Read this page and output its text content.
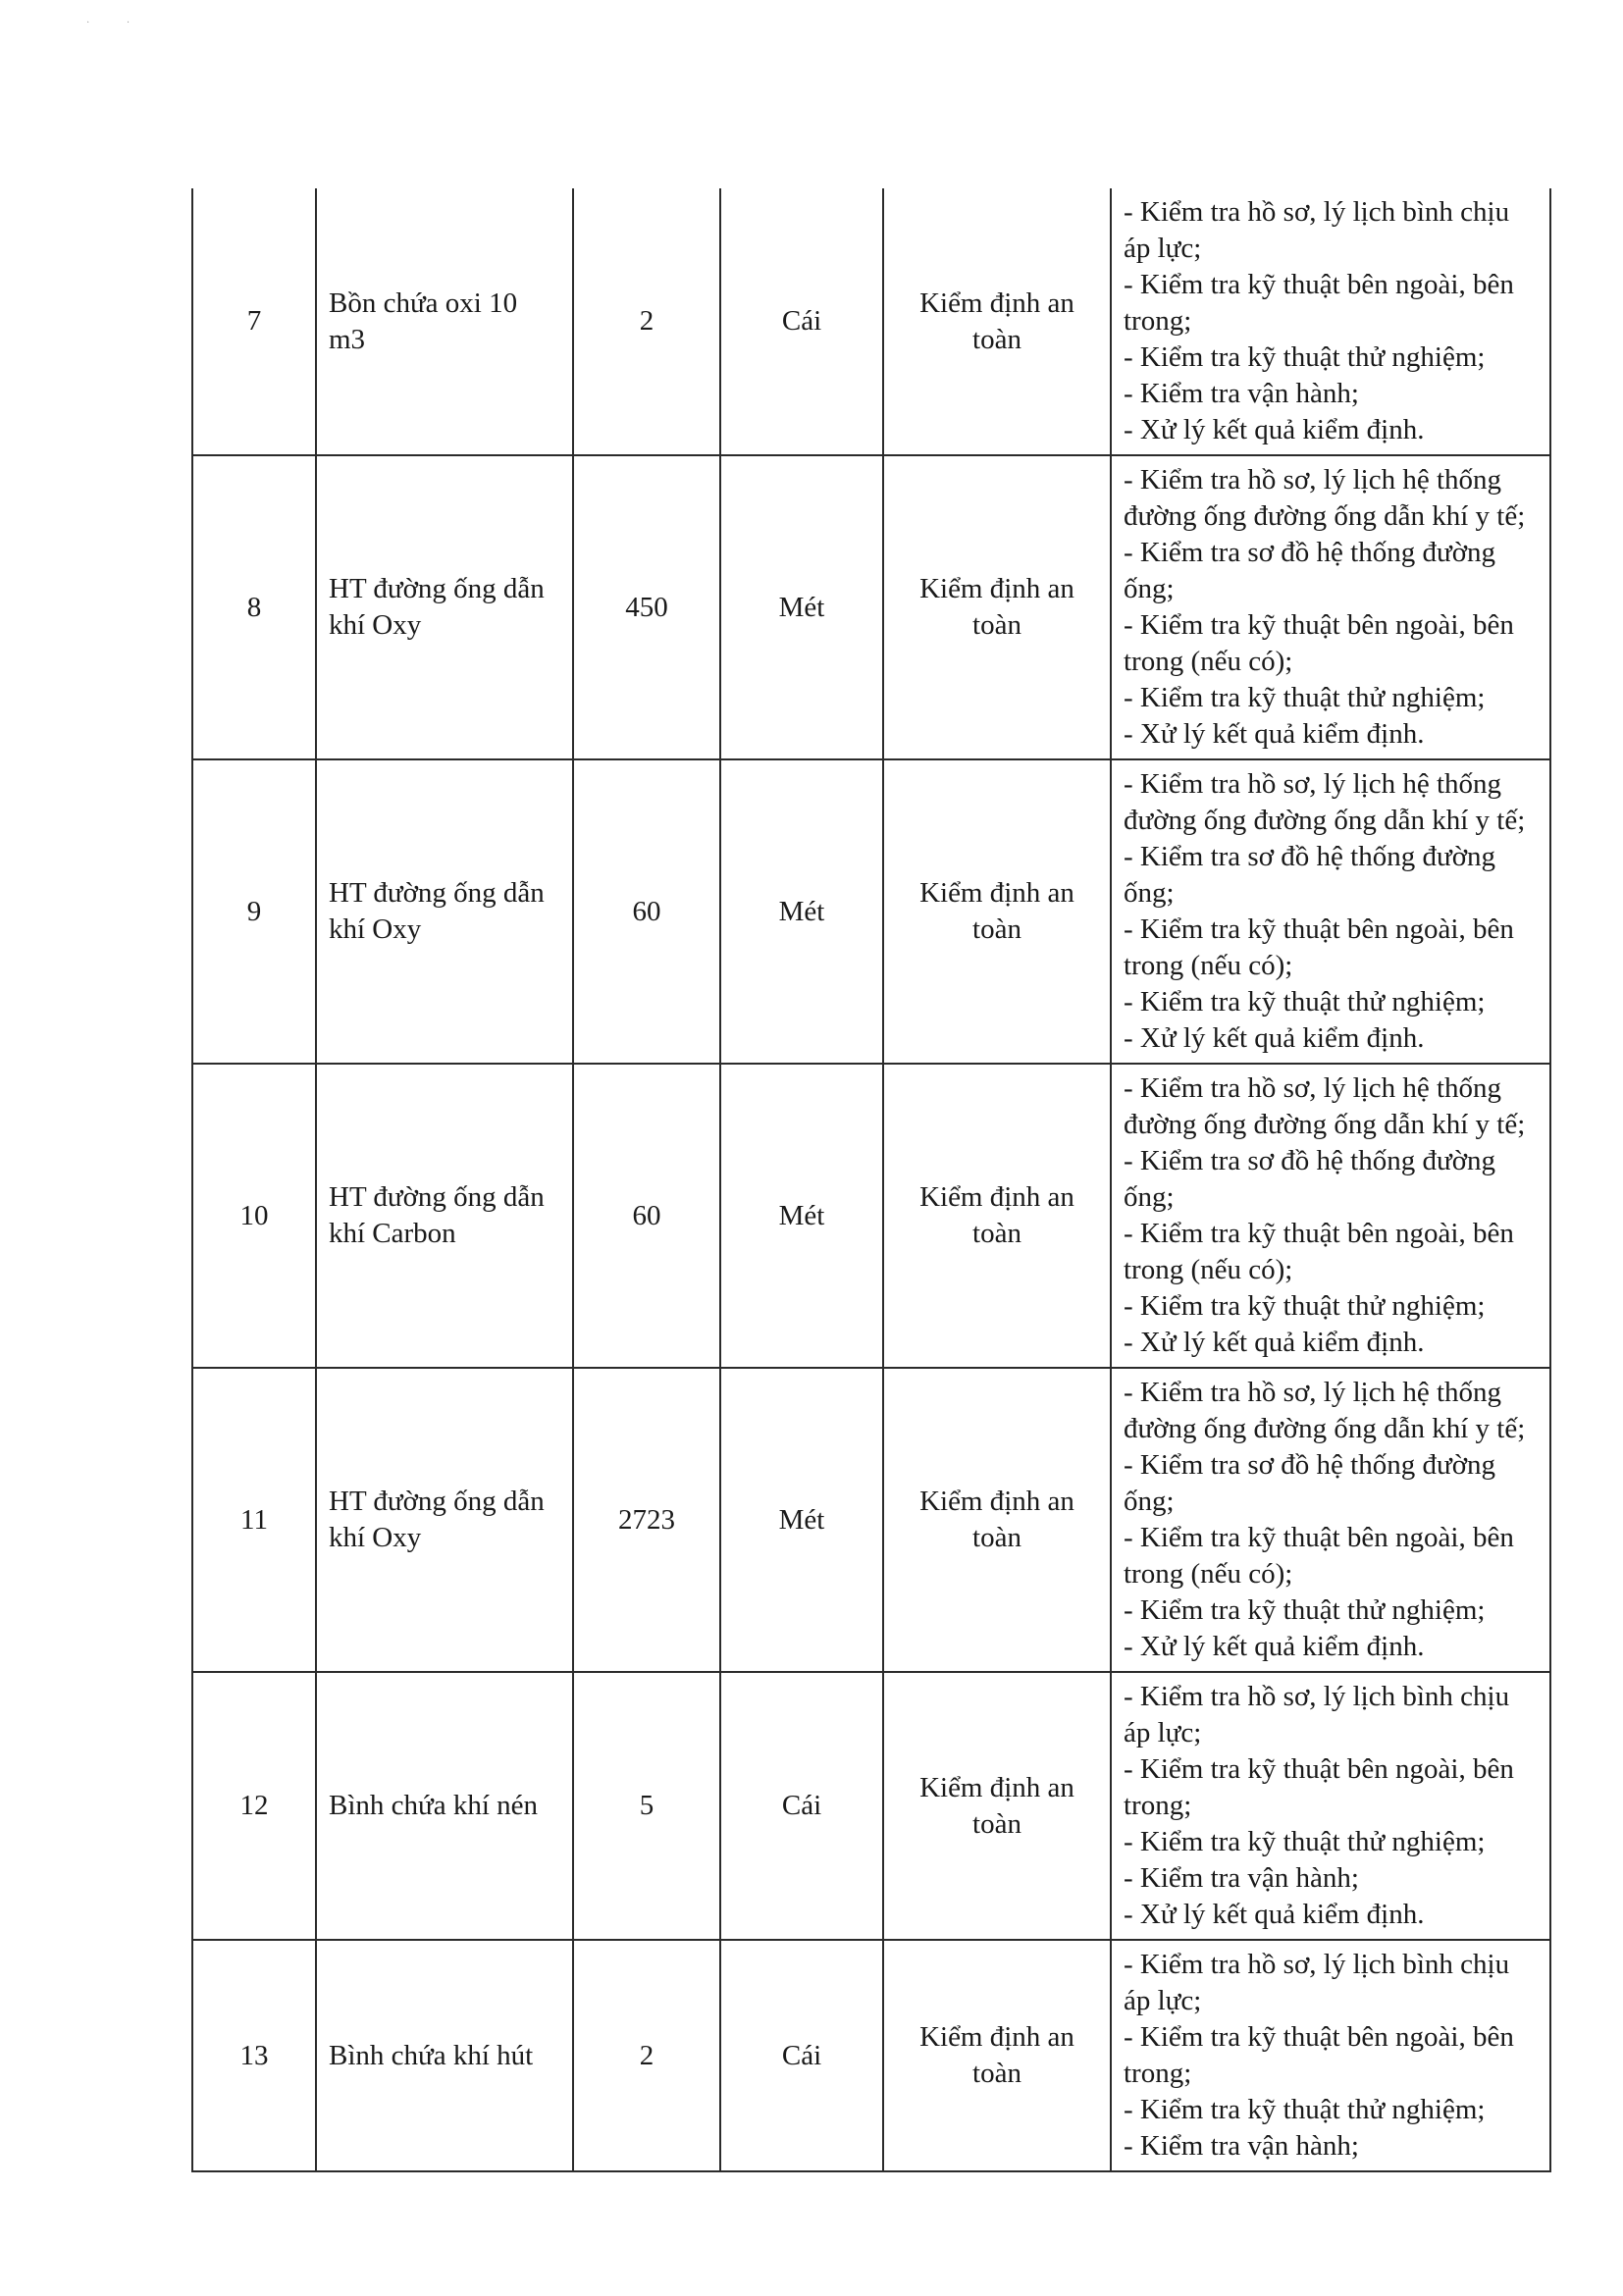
·               ·
7	Bồn chứa oxi 10 m3	2	Cái	Kiểm định an toàn	- Kiểm tra hồ sơ, lý lịch bình chịu áp lực;
- Kiểm tra kỹ thuật bên ngoài, bên trong;
- Kiểm tra kỹ thuật thử nghiệm;
- Kiểm tra vận hành;
- Xử lý kết quả kiểm định.

8	HT đường ống dẫn khí Oxy	450	Mét	Kiểm định an toàn	- Kiểm tra hồ sơ, lý lịch hệ thống đường ống đường ống dẫn khí y tế;
- Kiểm tra sơ đồ hệ thống đường ống;
- Kiểm tra kỹ thuật bên ngoài, bên trong (nếu có);
- Kiểm tra kỹ thuật thử nghiệm;
- Xử lý kết quả kiểm định.

9	HT đường ống dẫn khí Oxy	60	Mét	Kiểm định an toàn	- Kiểm tra hồ sơ, lý lịch hệ thống đường ống đường ống dẫn khí y tế;
- Kiểm tra sơ đồ hệ thống đường ống;
- Kiểm tra kỹ thuật bên ngoài, bên trong (nếu có);
- Kiểm tra kỹ thuật thử nghiệm;
- Xử lý kết quả kiểm định.

10	HT đường ống dẫn khí Carbon	60	Mét	Kiểm định an toàn	- Kiểm tra hồ sơ, lý lịch hệ thống đường ống đường ống dẫn khí y tế;
- Kiểm tra sơ đồ hệ thống đường ống;
- Kiểm tra kỹ thuật bên ngoài, bên trong (nếu có);
- Kiểm tra kỹ thuật thử nghiệm;
- Xử lý kết quả kiểm định.

11	HT đường ống dẫn khí Oxy	2723	Mét	Kiểm định an toàn	- Kiểm tra hồ sơ, lý lịch hệ thống đường ống đường ống dẫn khí y tế;
- Kiểm tra sơ đồ hệ thống đường ống;
- Kiểm tra kỹ thuật bên ngoài, bên trong (nếu có);
- Kiểm tra kỹ thuật thử nghiệm;
- Xử lý kết quả kiểm định.

12	Bình chứa khí nén	5	Cái	Kiểm định an toàn	- Kiểm tra hồ sơ, lý lịch bình chịu áp lực;
- Kiểm tra kỹ thuật bên ngoài, bên trong;
- Kiểm tra kỹ thuật thử nghiệm;
- Kiểm tra vận hành;
- Xử lý kết quả kiểm định.

13	Bình chứa khí hút	2	Cái	Kiểm định an toàn	- Kiểm tra hồ sơ, lý lịch bình chịu áp lực;
- Kiểm tra kỹ thuật bên ngoài, bên trong;
- Kiểm tra kỹ thuật thử nghiệm;
- Kiểm tra vận hành;
